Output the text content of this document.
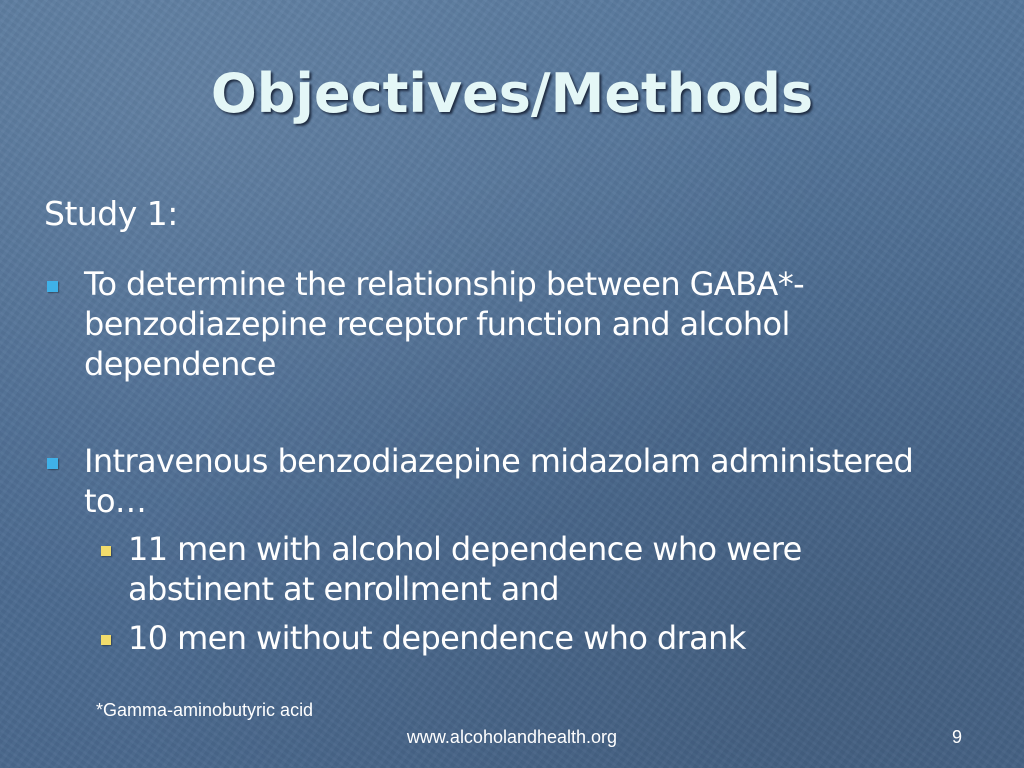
Objectives/Methods
Study 1:
To determine the relationship between GABA*-benzodiazepine receptor function and alcohol dependence
Intravenous benzodiazepine midazolam administered to…
11 men with alcohol dependence who were abstinent at enrollment and
10 men without dependence who drank
*Gamma-aminobutyric acid
www.alcoholandhealth.org	9
